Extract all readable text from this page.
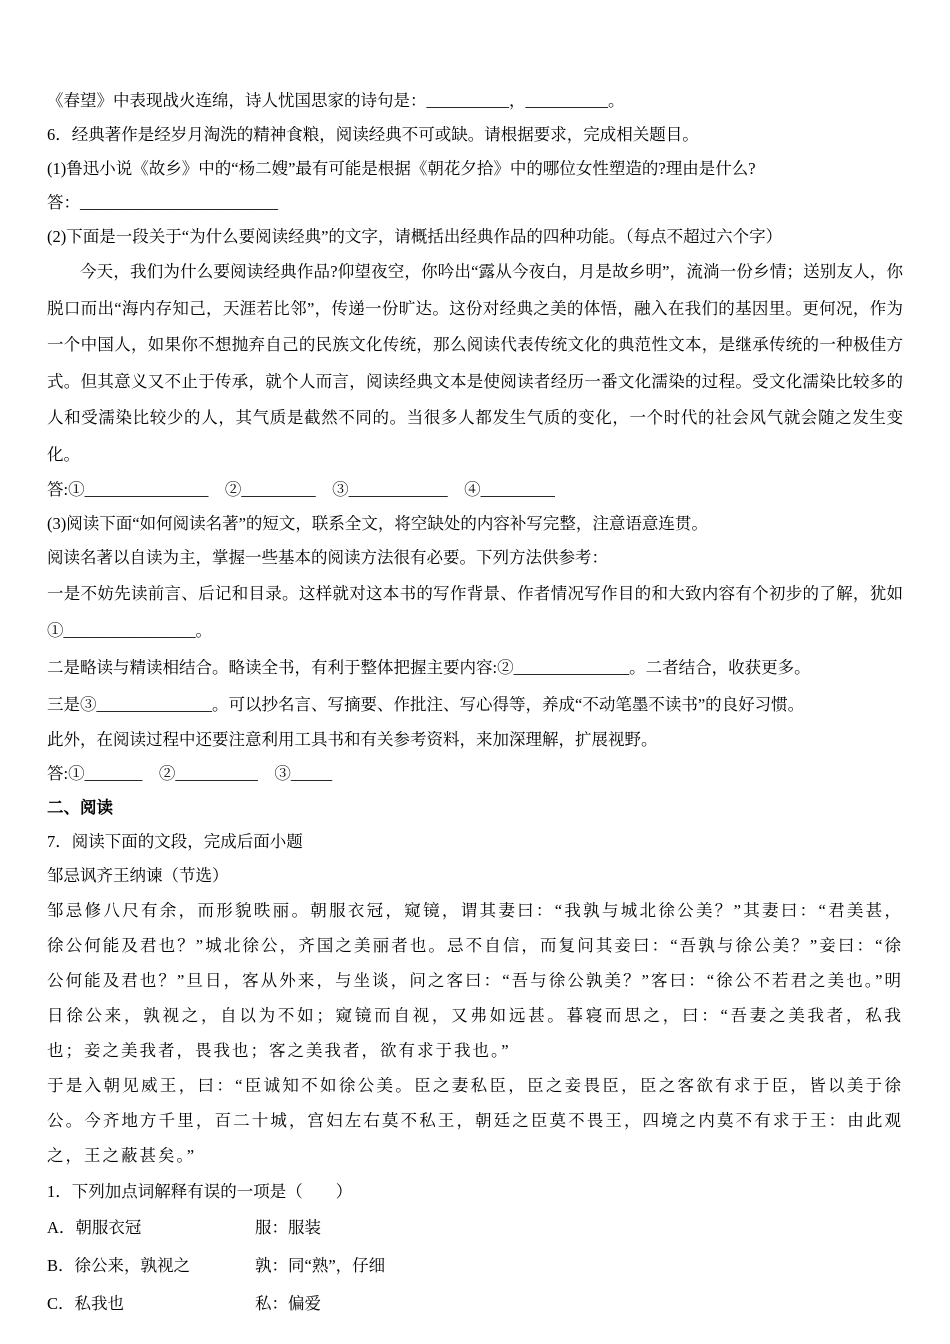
《春望》中表现战火连绵，诗人忧国思家的诗句是：__________，__________。
6．经典著作是经岁月淘洗的精神食粮，阅读经典不可或缺。请根据要求，完成相关题目。
(1)鲁迅小说《故乡》中的“杨二嫂”最有可能是根据《朝花夕拾》中的哪位女性塑造的?理由是什么?
答：________________________
(2)下面是一段关于“为什么要阅读经典”的文字，请概括出经典作品的四种功能。（每点不超过六个字）
今天，我们为什么要阅读经典作品?仰望夜空，你吟出“露从今夜白，月是故乡明”，流淌一份乡情；送别友人，你脱口而出“海内存知己，天涯若比邻”，传递一份旷达。这份对经典之美的体悟，融入在我们的基因里。更何况，作为一个中国人，如果你不想抛弃自己的民族文化传统，那么阅读代表传统文化的典范性文本，是继承传统的一种极佳方式。但其意义又不止于传承，就个人而言，阅读经典文本是使阅读者经历一番文化濡染的过程。受文化濡染比较多的人和受濡染比较少的人，其气质是截然不同的。当很多人都发生气质的变化，一个时代的社会风气就会随之发生变化。
答:①_______________　②_________　③____________　④_________
(3)阅读下面“如何阅读名著”的短文，联系全文，将空缺处的内容补写完整，注意语意连贯。
阅读名著以自读为主，掌握一些基本的阅读方法很有必要。下列方法供参考：
一是不妨先读前言、后记和目录。这样就对这本书的写作背景、作者情况写作目的和大致内容有个初步的了解，犹如①________________。
二是略读与精读相结合。略读全书，有利于整体把握主要内容:②______________。二者结合，收获更多。
三是③______________。可以抄名言、写摘要、作批注、写心得等，养成“不动笔墨不读书”的良好习惯。
此外，在阅读过程中还要注意利用工具书和有关参考资料，来加深理解，扩展视野。
答:①_______　②__________　③_____
二、阅读
7．阅读下面的文段，完成后面小题
邹忌讽齐王纳谏（节选）
邹忌修八尺有余，而形貌昳丽。朝服衣冠，窥镜，谓其妻曰：“我孰与城北徐公美？”其妻曰：“君美甚，徐公何能及君也？”城北徐公，齐国之美丽者也。忌不自信，而复问其妾曰：“吾孰与徐公美？”妾曰：“徐公何能及君也？”旦日，客从外来，与坐谈，问之客曰：“吾与徐公孰美？”客曰：“徐公不若君之美也。”明日徐公来，孰视之，自以为不如；窥镜而自视，又弗如远甚。暮寝而思之，曰：“吾妻之美我者，私我也；妾之美我者，畏我也；客之美我者，欲有求于我也。”
于是入朝见威王，曰：“臣诚知不如徐公美。臣之妻私臣，臣之妾畏臣，臣之客欲有求于臣，皆以美于徐公。今齐地方千里，百二十城，宫妇左右莫不私王，朝廷之臣莫不畏王，四境之内莫不有求于王：由此观之，王之蔽甚矣。”
1．下列加点词解释有误的一项是（　　）
A．朝服衣冠	服：服装
B．徐公来，孰视之	孰：同“熟”，仔细
C．私我也	私：偏爱
